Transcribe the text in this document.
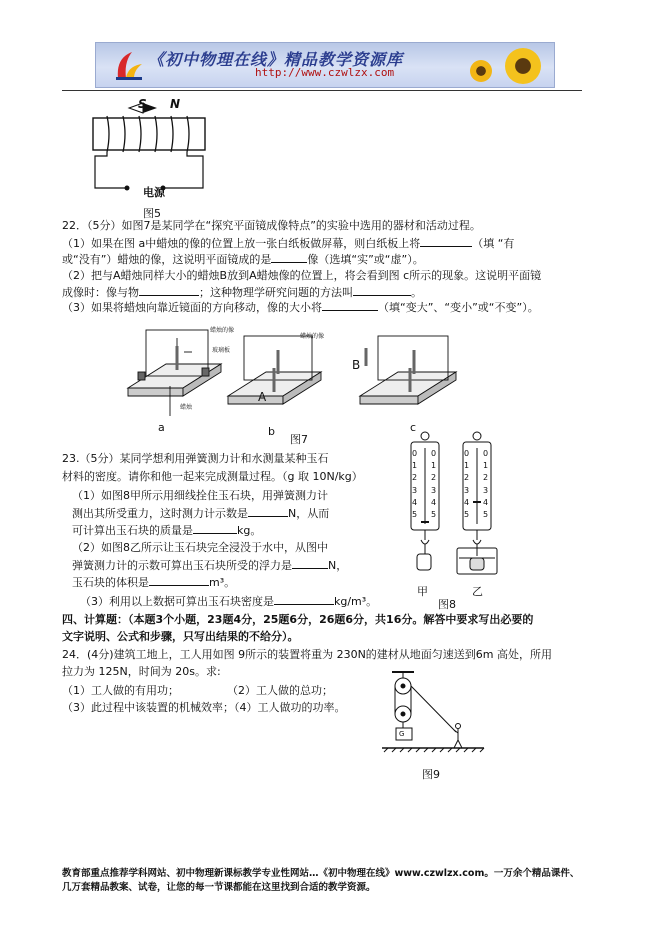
《初中物理在线》精品教学资源库
http://www.czwlzx.com
S N
电源
图5
22．（5分）如图7是某同学在“探究平面镜成像特点”的实验中选用的器材和活动过程。
（1）如果在图 a中蜡烛的像的位置上放一张白纸板做屏幕，则白纸板上将	（填 “有
或“没有”）蜡烛的像，这说明平面镜成的是	像（选填“实”或“虚”）。
（2）把与A蜡烛同样大小的蜡烛B放到A蜡烛像的位置上，将会看到图 c所示的现象。这说明平面镜
成像时：像与物	；这种物理学研究问题的方法叫	。
（3）如果将蜡烛向靠近镜面的方向移动，像的大小将	（填“变大”、“变小”或“不变”）。
蜡烛的像
玻璃板
蜡烛
蜡烛的像
A
B
a	b	c
图7
23.（5分）某同学想利用弹簧测力计和水测量某种玉石
材料的密度。请你和他一起来完成测量过程。（g 取 10N/kg）
（1）如图8甲所示用细线拴住玉石块，用弹簧测力计
测出其所受重力，这时测力计示数是	N，从而
可计算出玉石块的质量是	kg。
（2）如图8乙所示让玉石块完全浸没于水中，从图中
弹簧测力计的示数可算出玉石块所受的浮力是	N，
玉石块的体积是	m³。
（3）利用以上数据可算出玉石块密度是	kg/m³。
0
1
2
3
4
5
0
1
2
3
4
5
0
1
2
3
4
5
0
1
2
3
4
5
甲	乙
图8
四、计算题：（本题3个小题，23题4分，25题6分，26题6分，共16分。解答中要求写出必要的
文字说明、公式和步骤，只写出结果的不给分）。
24．(4分)建筑工地上，工人用如图 9所示的装置将重为 230N的建材从地面匀速送到6m 高处，所用
拉力为 125N，时间为 20s。求:
（1）工人做的有用功；	（2）工人做的总功；
（3）此过程中该装置的机械效率；（4）工人做功的功率。
G
图9
教育部重点推荐学科网站、初中物理新课标教学专业性网站…《初中物理在线》www.czwlzx.com。一万余个精品课件、
几万套精品教案、试卷，让您的每一节课都能在这里找到合适的教学资源。
